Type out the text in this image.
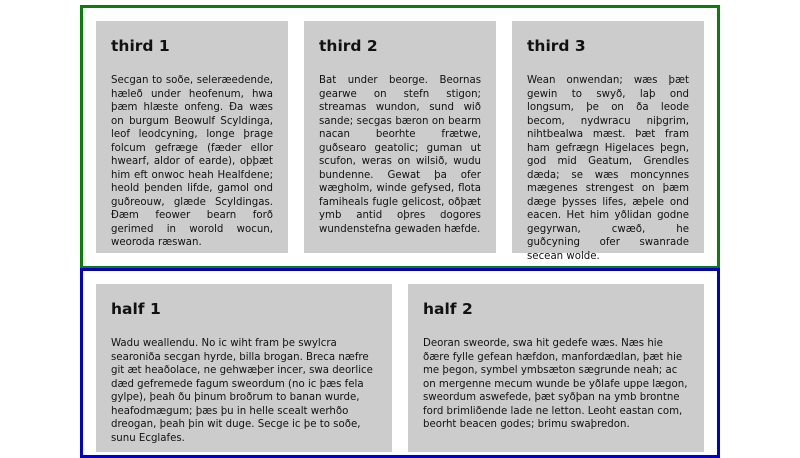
third 1

Secgan to soðe, seleræedende, hæleð under heofenum, hwa þæm hlæste onfeng. Ða wæs on burgum Beowulf Scyldinga, leof leodcyning, longe þrage folcum gefræge (fæder ellor hwearf, aldor of earde), oþþæt him eft onwoc heah Healfdene; heold þenden lifde, gamol ond guðreouw, glæde Scyldingas. Ðæm feower bearn forð gerimed in worold wocun, weoroda ræswan.

third 2

Bat under beorge. Beornas gearwe on stefn stigon; streamas wundon, sund wið sande; secgas bæron on bearm nacan beorhte frætwe, guðsearo geatolic; guman ut scufon, weras on wilsið, wudu bundenne. Gewat þa ofer wægholm, winde gefysed, flota famiheals fugle gelicost, oðþæt ymb antid oþres dogores wundenstefna gewaden hæfde.

third 3

Wean onwendan; wæs þæt gewin to swyð, laþ ond longsum, þe on ða leode becom, nydwracu niþgrim, nihtbealwa mæst. Þæt fram ham gefrægn Higelaces þegn, god mid Geatum, Grendles dæda; se wæs moncynnes mægenes strengest on þæm dæge þysses lifes, æþele ond eacen. Het him yðlidan godne gegyrwan, cwæð, he guðcyning ofer swanrade secean wolde.

half 1

Wadu weallendu. No ic wiht fram þe swylcra searoniða secgan hyrde, billa brogan. Breca næfre git æt heaðolace, ne gehwæþer incer, swa deorlice dæd gefremede fagum sweordum (no ic þæs fela gylpe), þeah ðu þinum broðrum to banan wurde, heafodmægum; þæs þu in helle scealt werhðo dreogan, þeah þin wit duge. Secge ic þe to soðe, sunu Ecglafes.

half 2

Deoran sweorde, swa hit gedefe wæs. Næs hie ðære fylle gefean hæfdon, manfordædlan, þæt hie me þegon, symbel ymbsæton sægrunde neah; ac on mergenne mecum wunde be yðlafe uppe lægon, sweordum aswefede, þæt syðþan na ymb brontne ford brimliðende lade ne letton. Leoht eastan com, beorht beacen godes; brimu swaþredon.
